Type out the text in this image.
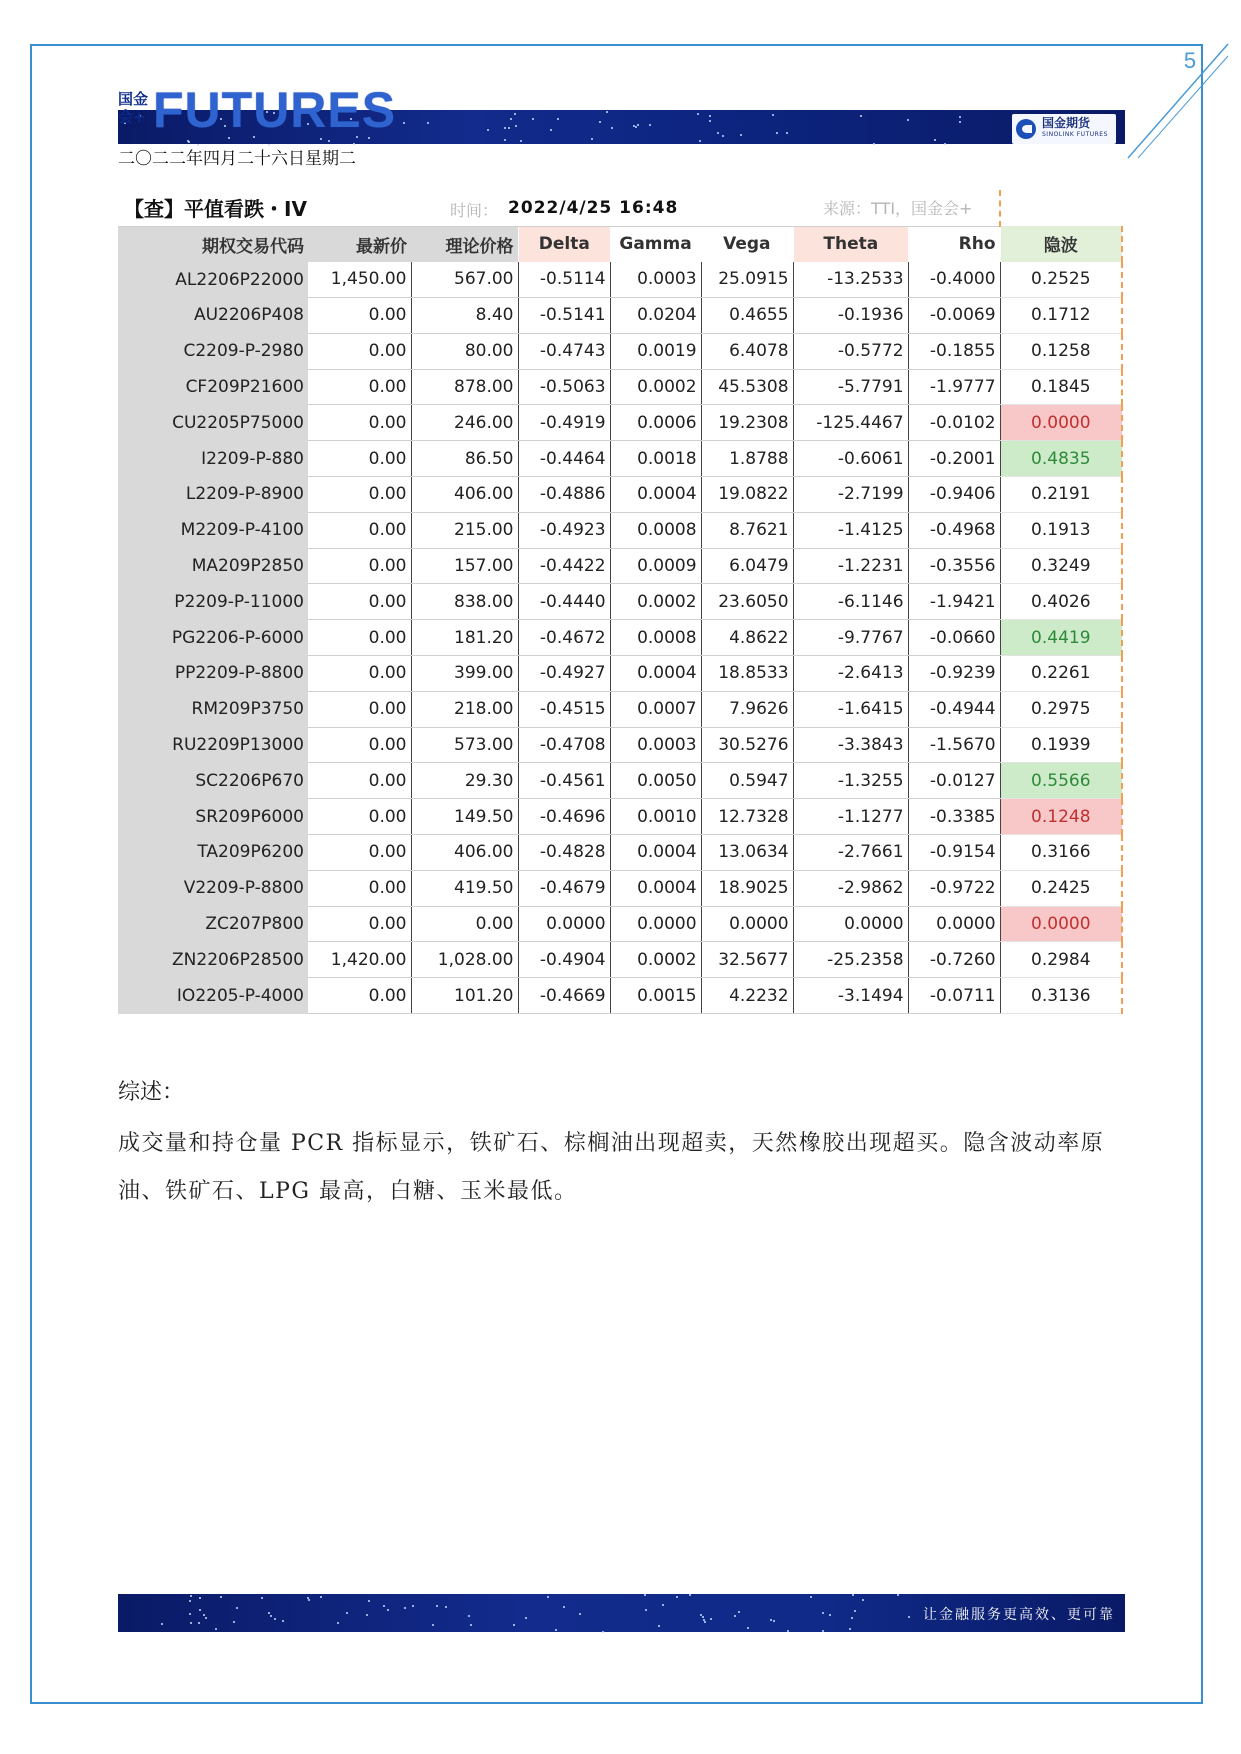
5
国金会+ FUTURES	国金期货
SINOLINK FUTURES
二〇二二年四月二十六日星期二
【查】平值看跌・IV				时间： 2022/4/25 16:48		来源：TTI，国金会+		
期权交易代码	最新价	理论价格	Delta	Gamma	Vega	Theta	Rho	隐波
AL2206P22000	1,450.00	567.00	-0.5114	0.0003	25.0915	-13.2533	-0.4000	0.2525
AU2206P408	0.00	8.40	-0.5141	0.0204	0.4655	-0.1936	-0.0069	0.1712
C2209-P-2980	0.00	80.00	-0.4743	0.0019	6.4078	-0.5772	-0.1855	0.1258
CF209P21600	0.00	878.00	-0.5063	0.0002	45.5308	-5.7791	-1.9777	0.1845
CU2205P75000	0.00	246.00	-0.4919	0.0006	19.2308	-125.4467	-0.0102	0.0000
I2209-P-880	0.00	86.50	-0.4464	0.0018	1.8788	-0.6061	-0.2001	0.4835
L2209-P-8900	0.00	406.00	-0.4886	0.0004	19.0822	-2.7199	-0.9406	0.2191
M2209-P-4100	0.00	215.00	-0.4923	0.0008	8.7621	-1.4125	-0.4968	0.1913
MA209P2850	0.00	157.00	-0.4422	0.0009	6.0479	-1.2231	-0.3556	0.3249
P2209-P-11000	0.00	838.00	-0.4440	0.0002	23.6050	-6.1146	-1.9421	0.4026
PG2206-P-6000	0.00	181.20	-0.4672	0.0008	4.8622	-9.7767	-0.0660	0.4419
PP2209-P-8800	0.00	399.00	-0.4927	0.0004	18.8533	-2.6413	-0.9239	0.2261
RM209P3750	0.00	218.00	-0.4515	0.0007	7.9626	-1.6415	-0.4944	0.2975
RU2209P13000	0.00	573.00	-0.4708	0.0003	30.5276	-3.3843	-1.5670	0.1939
SC2206P670	0.00	29.30	-0.4561	0.0050	0.5947	-1.3255	-0.0127	0.5566
SR209P6000	0.00	149.50	-0.4696	0.0010	12.7328	-1.1277	-0.3385	0.1248
TA209P6200	0.00	406.00	-0.4828	0.0004	13.0634	-2.7661	-0.9154	0.3166
V2209-P-8800	0.00	419.50	-0.4679	0.0004	18.9025	-2.9862	-0.9722	0.2425
ZC207P800	0.00	0.00	0.0000	0.0000	0.0000	0.0000	0.0000	0.0000
ZN2206P28500	1,420.00	1,028.00	-0.4904	0.0002	32.5677	-25.2358	-0.7260	0.2984
IO2205-P-4000	0.00	101.20	-0.4669	0.0015	4.2232	-3.1494	-0.0711	0.3136
综述：
成交量和持仓量 PCR 指标显示，铁矿石、棕榈油出现超卖，天然橡胶出现超买。隐含波动率原油、铁矿石、LPG 最高，白糖、玉米最低。
让金融服务更高效、更可靠
